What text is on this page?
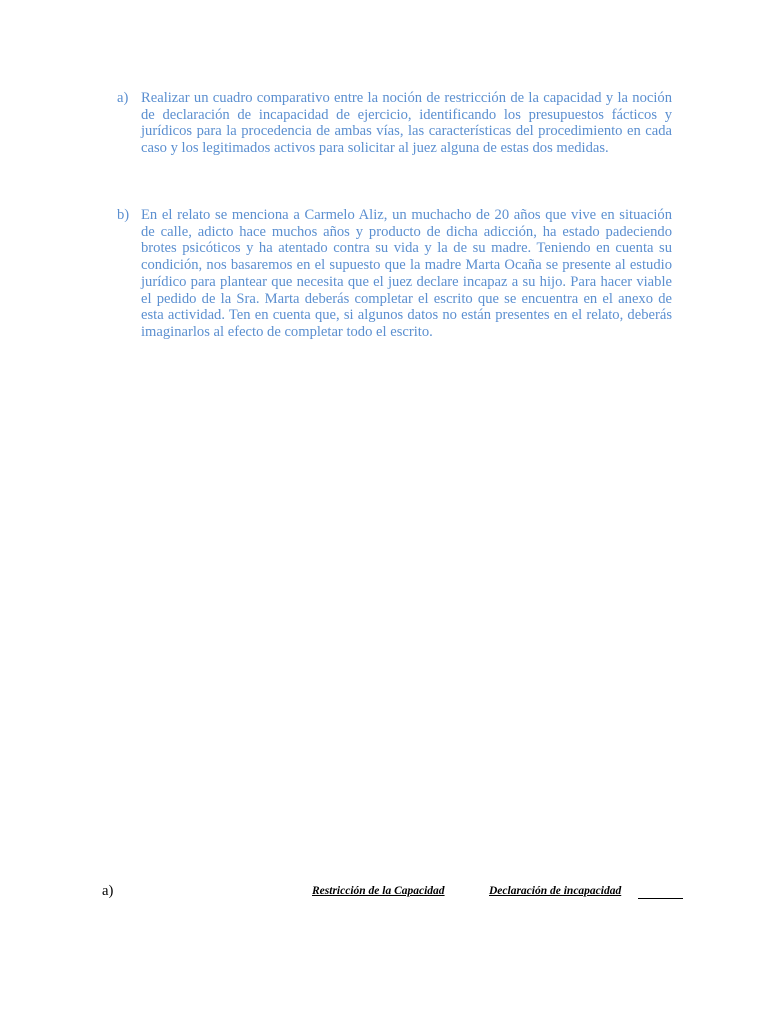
a) Realizar un cuadro comparativo entre la noción de restricción de la capacidad y la noción de declaración de incapacidad de ejercicio, identificando los presupuestos fácticos y jurídicos para la procedencia de ambas vías, las características del procedimiento en cada caso y los legitimados activos para solicitar al juez alguna de estas dos medidas.
b) En el relato se menciona a Carmelo Aliz, un muchacho de 20 años que vive en situación de calle, adicto hace muchos años y producto de dicha adicción, ha estado padeciendo brotes psicóticos y ha atentado contra su vida y la de su madre. Teniendo en cuenta su condición, nos basaremos en el supuesto que la madre Marta Ocaña se presente al estudio jurídico para plantear que necesita que el juez declare incapaz a su hijo. Para hacer viable el pedido de la Sra. Marta deberás completar el escrito que se encuentra en el anexo de esta actividad. Ten en cuenta que, si algunos datos no están presentes en el relato, deberás imaginarlos al efecto de completar todo el escrito.
a)	Restricción de la Capacidad	Declaración de incapacidad
